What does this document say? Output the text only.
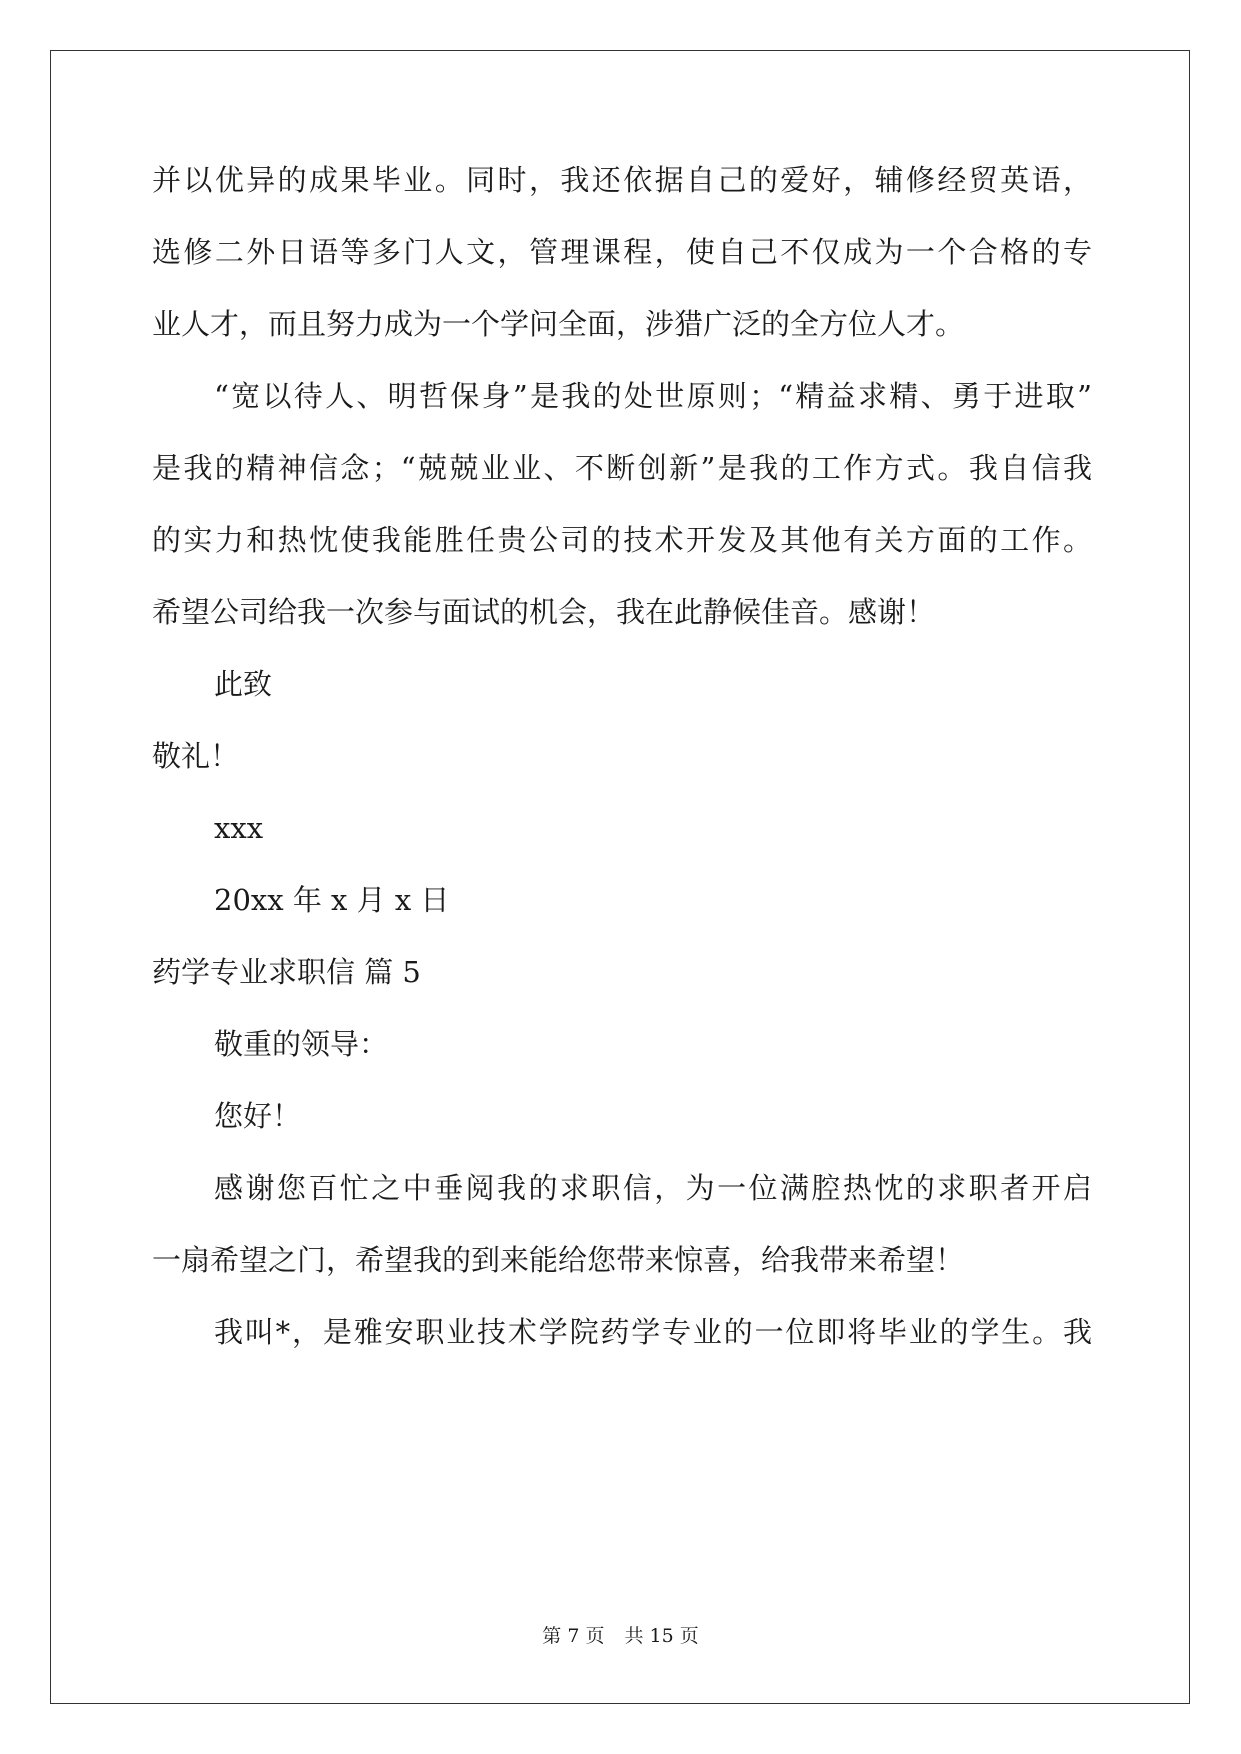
并以优异的成果毕业。同时，我还依据自己的爱好，辅修经贸英语，
选修二外日语等多门人文，管理课程，使自己不仅成为一个合格的专
业人才，而且努力成为一个学问全面，涉猎广泛的全方位人才。
“宽以待人、明哲保身”是我的处世原则；“精益求精、勇于进取”
是我的精神信念；“兢兢业业、不断创新”是我的工作方式。我自信我
的实力和热忱使我能胜任贵公司的技术开发及其他有关方面的工作。
希望公司给我一次参与面试的机会，我在此静候佳音。感谢！
此致
敬礼！
xxx
20xx 年 x 月 x 日
药学专业求职信 篇 5
敬重的领导：
您好！
感谢您百忙之中垂阅我的求职信，为一位满腔热忱的求职者开启
一扇希望之门，希望我的到来能给您带来惊喜，给我带来希望！
我叫*，是雅安职业技术学院药学专业的一位即将毕业的学生。我
第 7 页 共 15 页
